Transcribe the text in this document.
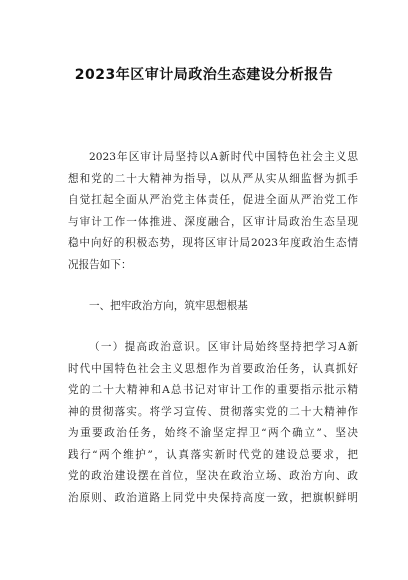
2023年区审计局政治生态建设分析报告
2023年区审计局坚持以A新时代中国特色社会主义思
想和党的二十大精神为指导，以从严从实从细监督为抓手
自觉扛起全面从严治党主体责任，促进全面从严治党工作
与审计工作一体推进、深度融合，区审计局政治生态呈现
稳中向好的积极态势，现将区审计局2023年度政治生态情
况报告如下：
一、把牢政治方向，筑牢思想根基
（一）提高政治意识。区审计局始终坚持把学习A新
时代中国特色社会主义思想作为首要政治任务，认真抓好
党的二十大精神和A总书记对审计工作的重要指示批示精
神的贯彻落实。将学习宣传、贯彻落实党的二十大精神作
为重要政治任务，始终不渝坚定捍卫“两个确立”、坚决
践行“两个维护”，认真落实新时代党的建设总要求，把
党的政治建设摆在首位，坚决在政治立场、政治方向、政
治原则、政治道路上同党中央保持高度一致，把旗帜鲜明
